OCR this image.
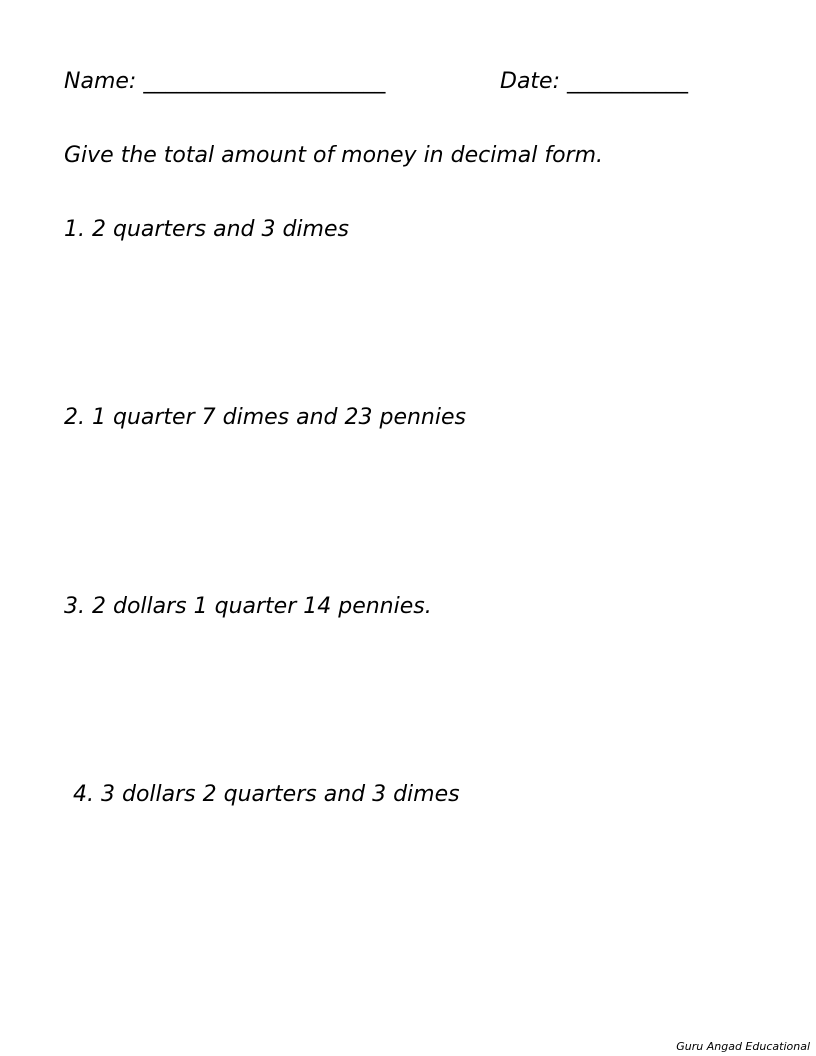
Name: ______________________	Date: ___________
Give the total amount of money in decimal form.
1. 2 quarters and 3 dimes
2. 1 quarter 7 dimes and 23 pennies
3. 2 dollars 1 quarter 14 pennies.
4. 3 dollars 2 quarters and 3 dimes
Guru Angad Educational
